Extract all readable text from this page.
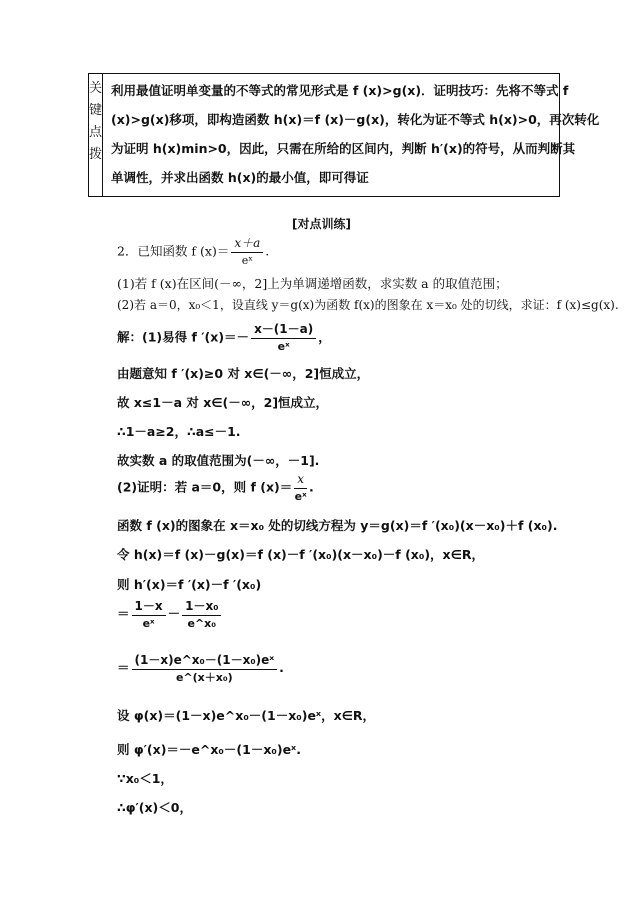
关键
点拨
利用最值证明单变量的不等式的常见形式是 f (x)>g(x)．证明技巧：先将不等式 f
(x)>g(x)移项，即构造函数 h(x)＝f (x)－g(x)，转化为证不等式 h(x)>0，再次转化
为证明 h(x)min>0，因此，只需在所给的区间内，判断 h′(x)的符号，从而判断其
单调性，并求出函数 h(x)的最小值，即可得证
[对点训练]
2．已知函数 f $(x)= \frac{x+a}{\text{eˣ}}$ .
(1)若 f (x)在区间(－∞，2]上为单调递增函数，求实数 a 的取值范围；
(2)若 a＝0，x₀＜1，设直线 y＝g(x)为函数 f(x)的图象在 x＝x₀ 处的切线，求证：f (x)≤g(x).
解：(1)易得 f $'(x)=- \frac{x-(1-a)}{\text{eˣ}}$ ，
由题意知 f ′(x)≥0 对 x∈(－∞，2]恒成立，
故 x≤1－a 对 x∈(－∞，2]恒成立，
∴1－a≥2，∴a≤－1.
故实数 a 的取值范围为(－∞，－1].
(2)证明：若 a＝0，则 f $(x)= \frac{x}{\text{eˣ}}$ .
函数 f (x)的图象在 x＝x₀ 处的切线方程为 y＝g(x)＝f ′(x₀)(x－x₀)＋f (x₀).
令 h(x)＝f (x)－g(x)＝f (x)－f ′(x₀)(x－x₀)－f (x₀)，x∈R，
则 h′(x)＝f ′(x)－f ′(x₀)
＝ $\frac{1-x}{\text{eˣ}} - \frac{\text{1－x₀}}{\text{e\textasciicircum{}x₀}}$
＝ $\frac{\text{(1－x)e\textasciicircum{}x₀－(1－x₀)eˣ}}{\text{e\textasciicircum{}(x＋x₀)}}$ .
设 φ(x)＝(1－x)e^x₀－(1－x₀)eˣ，x∈R，
则 φ′(x)＝－e^x₀－(1－x₀)eˣ.
∵x₀＜1，
∴φ′(x)＜0，
